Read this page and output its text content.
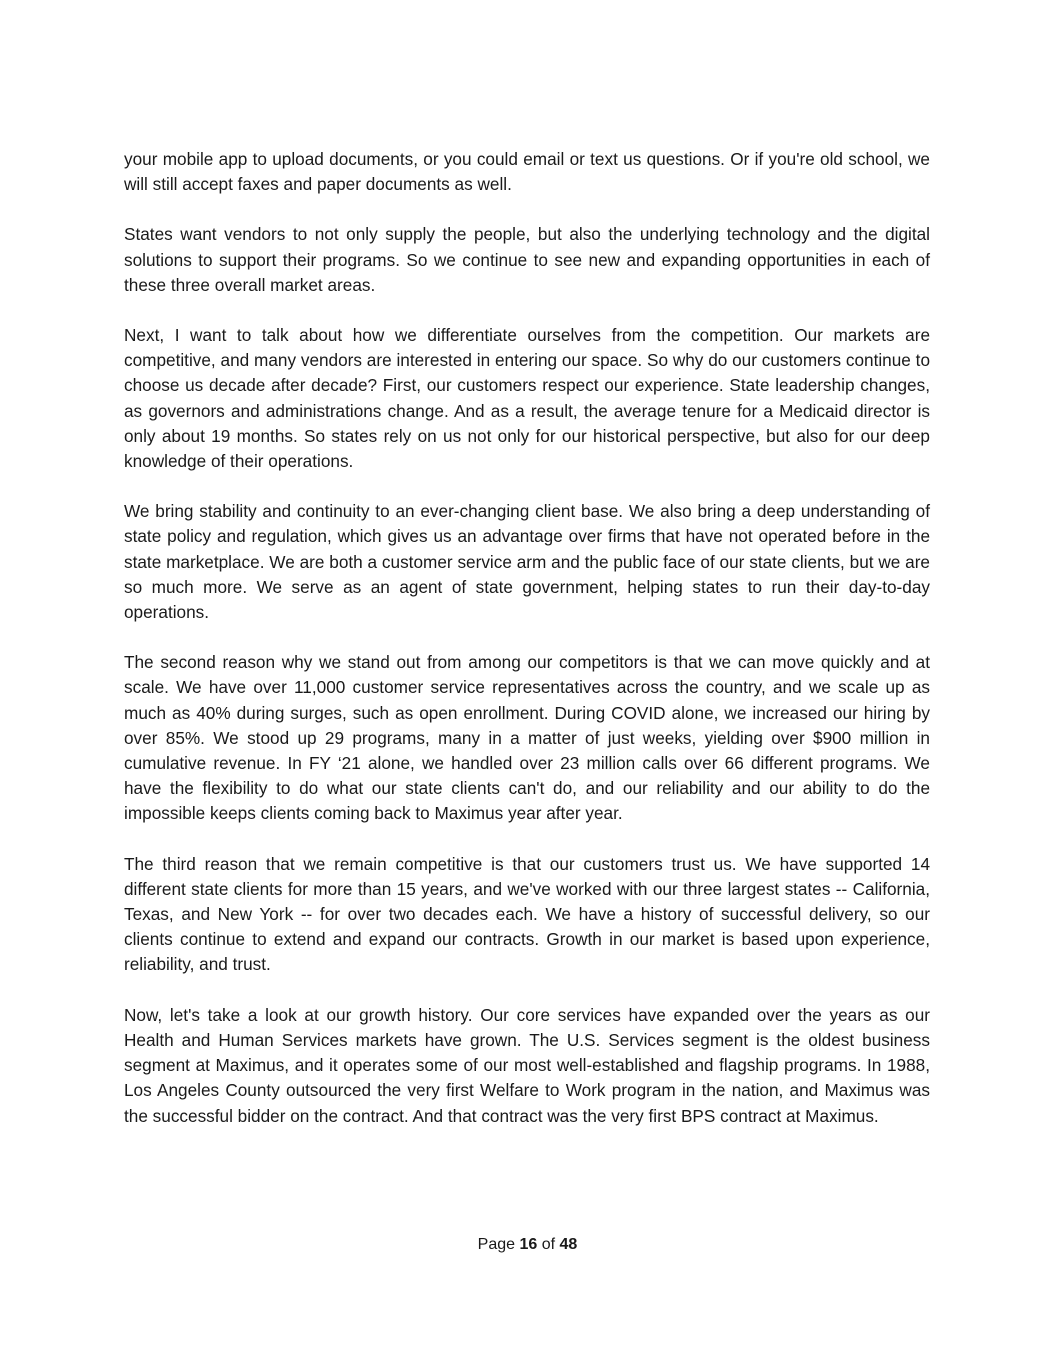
your mobile app to upload documents, or you could email or text us questions. Or if you're old school, we will still accept faxes and paper documents as well.

States want vendors to not only supply the people, but also the underlying technology and the digital solutions to support their programs. So we continue to see new and expanding opportunities in each of these three overall market areas.

Next, I want to talk about how we differentiate ourselves from the competition. Our markets are competitive, and many vendors are interested in entering our space. So why do our customers continue to choose us decade after decade? First, our customers respect our experience. State leadership changes, as governors and administrations change. And as a result, the average tenure for a Medicaid director is only about 19 months. So states rely on us not only for our historical perspective, but also for our deep knowledge of their operations.

We bring stability and continuity to an ever-changing client base. We also bring a deep understanding of state policy and regulation, which gives us an advantage over firms that have not operated before in the state marketplace. We are both a customer service arm and the public face of our state clients, but we are so much more. We serve as an agent of state government, helping states to run their day-to-day operations.

The second reason why we stand out from among our competitors is that we can move quickly and at scale. We have over 11,000 customer service representatives across the country, and we scale up as much as 40% during surges, such as open enrollment. During COVID alone, we increased our hiring by over 85%. We stood up 29 programs, many in a matter of just weeks, yielding over $900 million in cumulative revenue. In FY ‘21 alone, we handled over 23 million calls over 66 different programs. We have the flexibility to do what our state clients can't do, and our reliability and our ability to do the impossible keeps clients coming back to Maximus year after year.

The third reason that we remain competitive is that our customers trust us. We have supported 14 different state clients for more than 15 years, and we've worked with our three largest states -- California, Texas, and New York -- for over two decades each. We have a history of successful delivery, so our clients continue to extend and expand our contracts. Growth in our market is based upon experience, reliability, and trust.

Now, let's take a look at our growth history. Our core services have expanded over the years as our Health and Human Services markets have grown. The U.S. Services segment is the oldest business segment at Maximus, and it operates some of our most well-established and flagship programs. In 1988, Los Angeles County outsourced the very first Welfare to Work program in the nation, and Maximus was the successful bidder on the contract. And that contract was the very first BPS contract at Maximus.

Page 16 of 48
